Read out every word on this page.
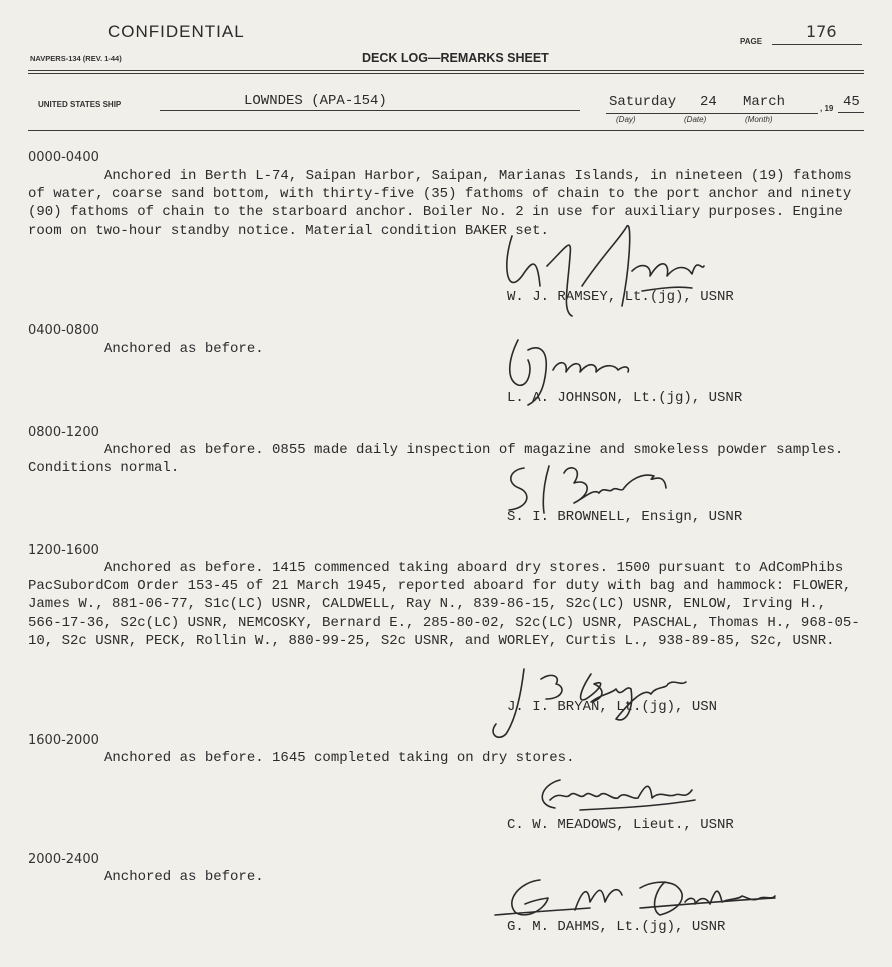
CONFIDENTIAL
NAVPERS-134 (REV. 1-44)	DECK LOG—REMARKS SHEET
PAGE
176
UNITED STATES SHIP	LOWNDES (APA-154)	Saturday 24 March	, 19 45
(Day)	(Date)	(Month)
0000-0400
Anchored in Berth L-74, Saipan Harbor, Saipan, Marianas Islands, in nineteen (19) fathoms of water, coarse sand bottom, with thirty-five (35) fathoms of chain to the port anchor and ninety (90) fathoms of chain to the starboard anchor. Boiler No. 2 in use for auxiliary purposes. Engine room on two-hour standby notice. Material condition BAKER set.
W. J. RAMSEY, Lt.(jg), USNR
0400-0800
Anchored as before.
L. A. JOHNSON, Lt.(jg), USNR
0800-1200
Anchored as before. 0855 made daily inspection of magazine and smokeless powder samples. Conditions normal.
S. I. BROWNELL, Ensign, USNR
1200-1600
Anchored as before. 1415 commenced taking aboard dry stores. 1500 pursuant to AdComPhibs PacSubordCom Order 153-45 of 21 March 1945, reported aboard for duty with bag and hammock: FLOWER, James W., 881-06-77, S1c(LC) USNR, CALDWELL, Ray N., 839-86-15, S2c(LC) USNR, ENLOW, Irving H., 566-17-36, S2c(LC) USNR, NEMCOSKY, Bernard E., 285-80-02, S2c(LC) USNR, PASCHAL, Thomas H., 968-05-10, S2c USNR, PECK, Rollin W., 880-99-25, S2c USNR, and WORLEY, Curtis L., 938-89-85, S2c, USNR.
J. I. BRYAN, Lt.(jg), USN
1600-2000
Anchored as before. 1645 completed taking on dry stores.
C. W. MEADOWS, Lieut., USNR
2000-2400
Anchored as before.
G. M. DAHMS, Lt.(jg), USNR
